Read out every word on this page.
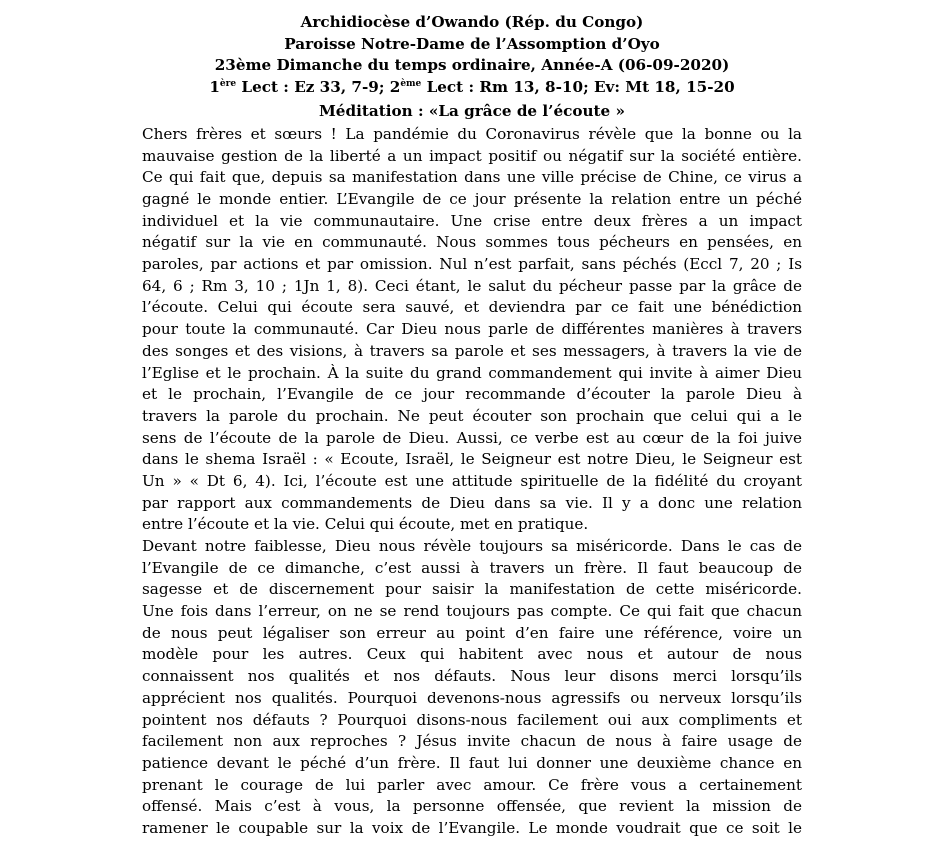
Archidiocèse d’Owando (Rép. du Congo)
Paroisse Notre-Dame de l’Assomption d’Oyo
23ème Dimanche du temps ordinaire, Année-A (06-09-2020)
1ère Lect : Ez 33, 7-9; 2ème Lect : Rm 13, 8-10; Ev: Mt 18, 15-20
Méditation : «La grâce de l’écoute »
Chers frères et sœurs ! La pandémie du Coronavirus révèle que la bonne ou la
mauvaise gestion de la liberté a un impact positif ou négatif sur la société entière.
Ce qui fait que, depuis sa manifestation dans une ville précise de Chine, ce virus a
gagné le monde entier. L’Evangile de ce jour présente la relation entre un péché
individuel et la vie communautaire. Une crise entre deux frères a un impact
négatif sur la vie en communauté. Nous sommes tous pécheurs en pensées, en
paroles, par actions et par omission. Nul n’est parfait, sans péchés (Eccl 7, 20 ; Is
64, 6 ; Rm 3, 10 ; 1Jn 1, 8). Ceci étant, le salut du pécheur passe par la grâce de
l’écoute. Celui qui écoute sera sauvé, et deviendra par ce fait une bénédiction
pour toute la communauté. Car Dieu nous parle de différentes manières à travers
des songes et des visions, à travers sa parole et ses messagers, à travers la vie de
l’Eglise et le prochain. À la suite du grand commandement qui invite à aimer Dieu
et le prochain, l’Evangile de ce jour recommande d’écouter la parole Dieu à
travers la parole du prochain. Ne peut écouter son prochain que celui qui a le
sens de l’écoute de la parole de Dieu. Aussi, ce verbe est au cœur de la foi juive
dans le shema Israël : « Ecoute, Israël, le Seigneur est notre Dieu, le Seigneur est
Un » « Dt 6, 4). Ici, l’écoute est une attitude spirituelle de la fidélité du croyant
par rapport aux commandements de Dieu dans sa vie. Il y a donc une relation
entre l’écoute et la vie. Celui qui écoute, met en pratique.
Devant notre faiblesse, Dieu nous révèle toujours sa miséricorde. Dans le cas de
l’Evangile de ce dimanche, c’est aussi à travers un frère. Il faut beaucoup de
sagesse et de discernement pour saisir la manifestation de cette miséricorde.
Une fois dans l’erreur, on ne se rend toujours pas compte. Ce qui fait que chacun
de nous peut légaliser son erreur au point d’en faire une référence, voire un
modèle pour les autres. Ceux qui habitent avec nous et autour de nous
connaissent nos qualités et nos défauts. Nous leur disons merci lorsqu’ils
apprécient nos qualités. Pourquoi devenons-nous agressifs ou nerveux lorsqu’ils
pointent nos défauts ? Pourquoi disons-nous facilement oui aux compliments et
facilement non aux reproches ? Jésus invite chacun de nous à faire usage de
patience devant le péché d’un frère. Il faut lui donner une deuxième chance en
prenant le courage de lui parler avec amour. Ce frère vous a certainement
offensé. Mais c’est à vous, la personne offensée, que revient la mission de
ramener le coupable sur la voix de l’Evangile. Le monde voudrait que ce soit le
